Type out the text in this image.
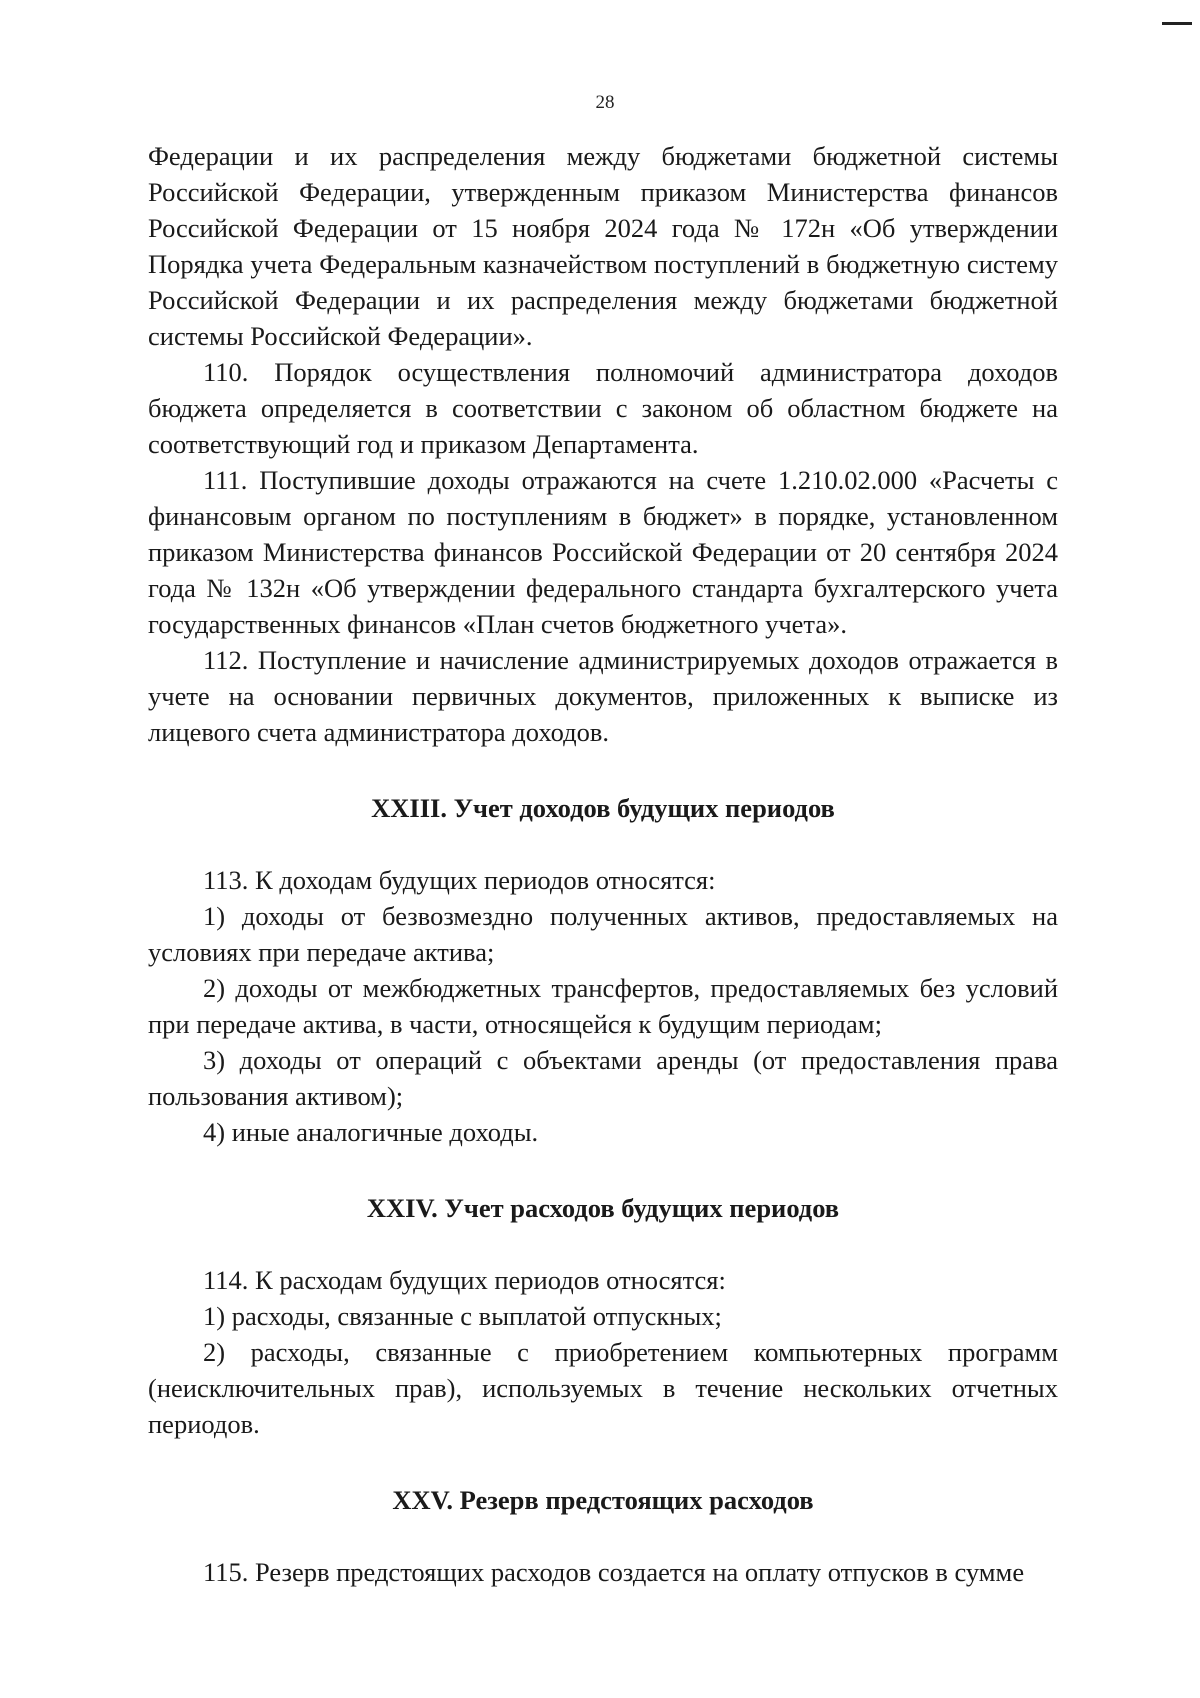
28

Федерации и их распределения между бюджетами бюджетной системы Российской Федерации, утвержденным приказом Министерства финансов Российской Федерации от 15 ноября 2024 года № 172н «Об утверждении Порядка учета Федеральным казначейством поступлений в бюджетную систему Российской Федерации и их распределения между бюджетами бюджетной системы Российской Федерации».

110. Порядок осуществления полномочий администратора доходов бюджета определяется в соответствии с законом об областном бюджете на соответствующий год и приказом Департамента.

111. Поступившие доходы отражаются на счете 1.210.02.000 «Расчеты с финансовым органом по поступлениям в бюджет» в порядке, установленном приказом Министерства финансов Российской Федерации от 20 сентября 2024 года № 132н «Об утверждении федерального стандарта бухгалтерского учета государственных финансов «План счетов бюджетного учета».

112. Поступление и начисление администрируемых доходов отражается в учете на основании первичных документов, приложенных к выписке из лицевого счета администратора доходов.

XXIII. Учет доходов будущих периодов

113. К доходам будущих периодов относятся:

1) доходы от безвозмездно полученных активов, предоставляемых на условиях при передаче актива;

2) доходы от межбюджетных трансфертов, предоставляемых без условий при передаче актива, в части, относящейся к будущим периодам;

3) доходы от операций с объектами аренды (от предоставления права пользования активом);

4) иные аналогичные доходы.

XXIV. Учет расходов будущих периодов

114. К расходам будущих периодов относятся:

1) расходы, связанные с выплатой отпускных;

2) расходы, связанные с приобретением компьютерных программ (неисключительных прав), используемых в течение нескольких отчетных периодов.

XXV. Резерв предстоящих расходов

115. Резерв предстоящих расходов создается на оплату отпусков в сумме
